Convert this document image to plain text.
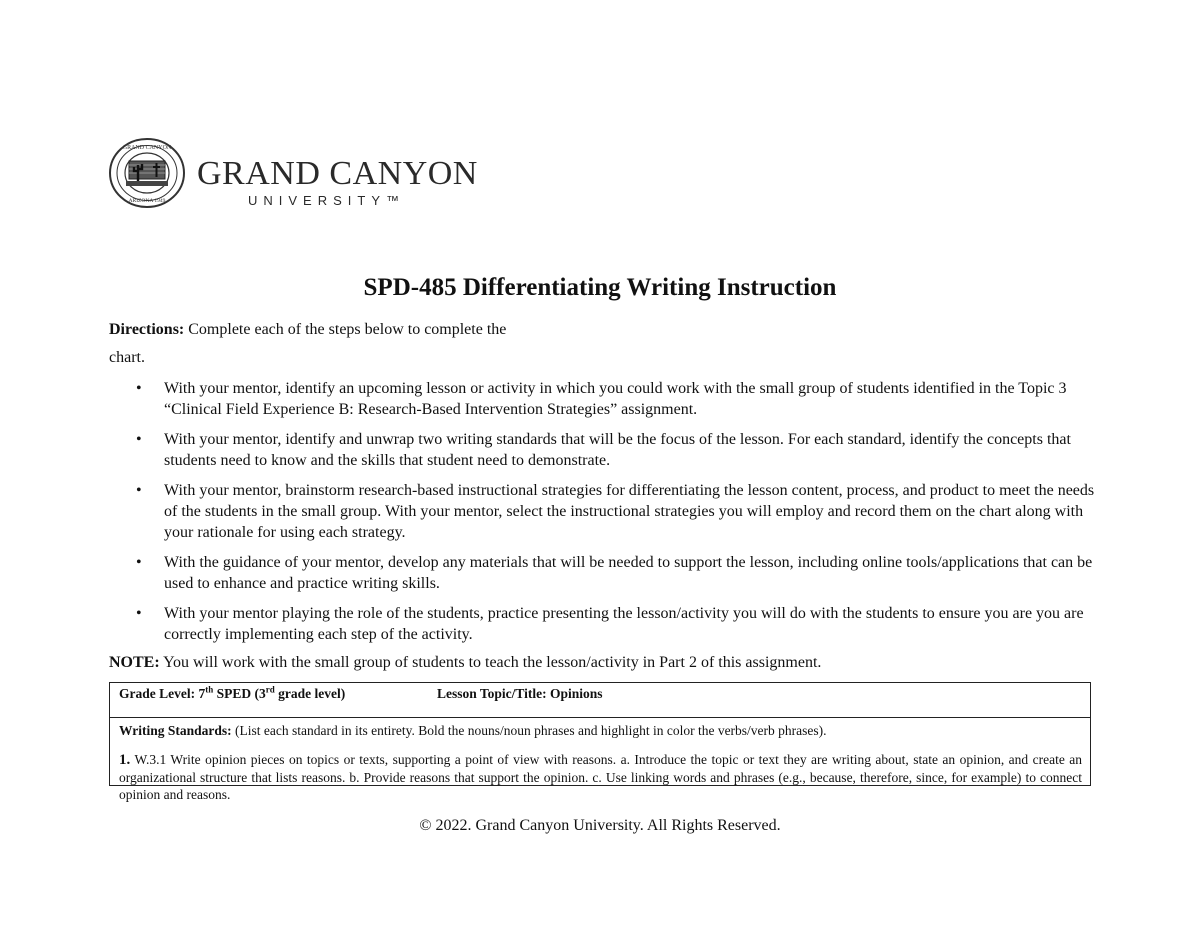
GRAND CANYON
ARIZONA 1949
GRAND CANYON
UNIVERSITY™
SPD-485 Differentiating Writing Instruction
Directions: Complete each of the steps below to complete the
chart.
• With your mentor, identify an upcoming lesson or activity in which you could work with the small group of students identified in the Topic 3 “Clinical Field Experience B: Research-Based Intervention Strategies” assignment.
• With your mentor, identify and unwrap two writing standards that will be the focus of the lesson. For each standard, identify the concepts that students need to know and the skills that student need to demonstrate.
• With your mentor, brainstorm research-based instructional strategies for differentiating the lesson content, process, and product to meet the needs of the students in the small group. With your mentor, select the instructional strategies you will employ and record them on the chart along with your rationale for using each strategy.
• With the guidance of your mentor, develop any materials that will be needed to support the lesson, including online tools/applications that can be used to enhance and practice writing skills.
• With your mentor playing the role of the students, practice presenting the lesson/activity you will do with the students to ensure you are you are correctly implementing each step of the activity.
NOTE: You will work with the small group of students to teach the lesson/activity in Part 2 of this assignment.
Grade Level: 7th SPED (3rd grade level)	Lesson Topic/Title: Opinions
Writing Standards: (List each standard in its entirety. Bold the nouns/noun phrases and highlight in color the verbs/verb phrases).
1. W.3.1 Write opinion pieces on topics or texts, supporting a point of view with reasons. a. Introduce the topic or text they are writing about, state an opinion, and create an organizational structure that lists reasons. b. Provide reasons that support the opinion. c. Use linking words and phrases (e.g., because, therefore, since, for example) to connect opinion and reasons.
© 2022. Grand Canyon University. All Rights Reserved.
